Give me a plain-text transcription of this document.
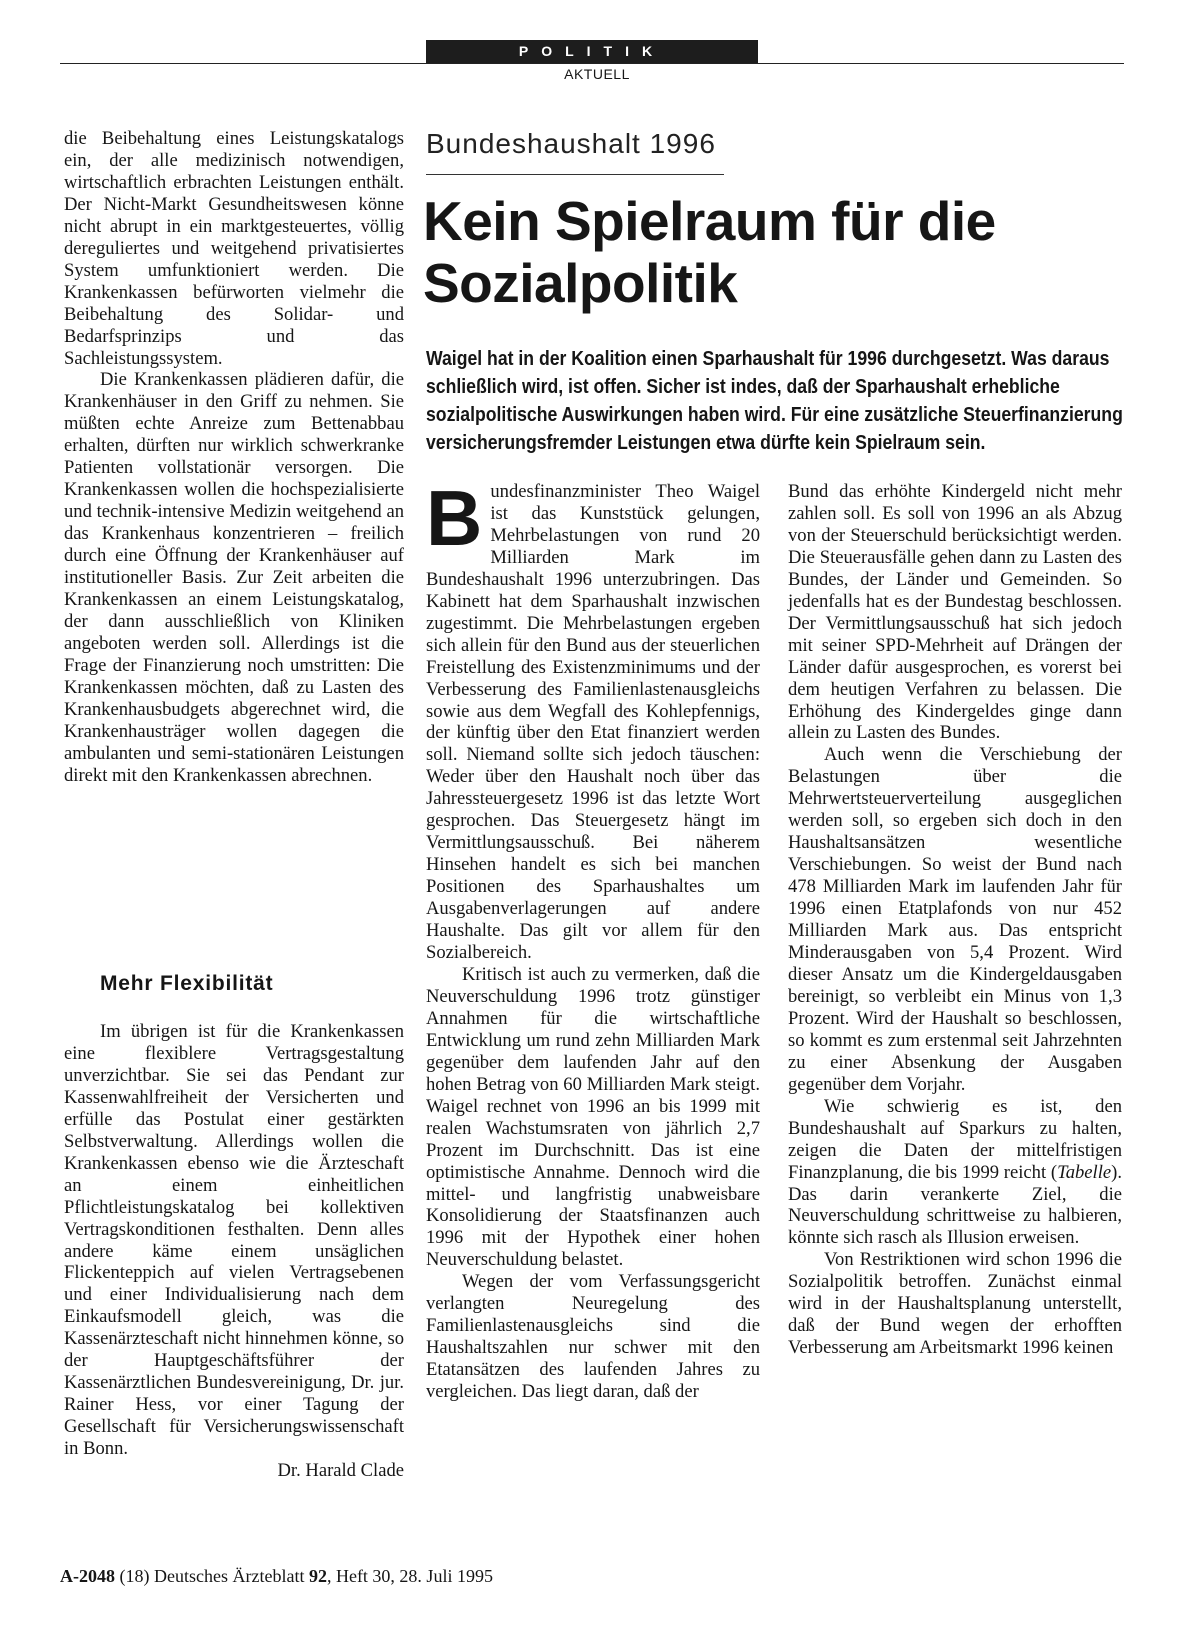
POLITIK
AKTUELL

die Beibehaltung eines Leistungskatalogs ein, der alle medizinisch notwendigen, wirtschaftlich erbrachten Leistungen enthält. Der Nicht-Markt Gesundheitswesen könne nicht abrupt in ein marktgesteuertes, völlig dereguliertes und weitgehend privatisiertes System umfunktioniert werden. Die Krankenkassen befürworten vielmehr die Beibehaltung des Solidar- und Bedarfsprinzips und das Sachleistungssystem.

Die Krankenkassen plädieren dafür, die Krankenhäuser in den Griff zu nehmen. Sie müßten echte Anreize zum Bettenabbau erhalten, dürften nur wirklich schwerkranke Patienten vollstationär versorgen. Die Krankenkassen wollen die hochspezialisierte und technik-intensive Medizin weitgehend an das Krankenhaus konzentrieren – freilich durch eine Öffnung der Krankenhäuser auf institutioneller Basis. Zur Zeit arbeiten die Krankenkassen an einem Leistungskatalog, der dann ausschließlich von Kliniken angeboten werden soll. Allerdings ist die Frage der Finanzierung noch umstritten: Die Krankenkassen möchten, daß zu Lasten des Krankenhausbudgets abgerechnet wird, die Krankenhausträger wollen dagegen die ambulanten und semi-stationären Leistungen direkt mit den Krankenkassen abrechnen.

Mehr Flexibilität

Im übrigen ist für die Krankenkassen eine flexiblere Vertragsgestaltung unverzichtbar. Sie sei das Pendant zur Kassenwahlfreiheit der Versicherten und erfülle das Postulat einer gestärkten Selbstverwaltung. Allerdings wollen die Krankenkassen ebenso wie die Ärzteschaft an einem einheitlichen Pflichtleistungskatalog bei kollektiven Vertragskonditionen festhalten. Denn alles andere käme einem unsäglichen Flickenteppich auf vielen Vertragsebenen und einer Individualisierung nach dem Einkaufsmodell gleich, was die Kassenärzteschaft nicht hinnehmen könne, so der Hauptgeschäftsführer der Kassenärztlichen Bundesvereinigung, Dr. jur. Rainer Hess, vor einer Tagung der Gesellschaft für Versicherungswissenschaft in Bonn.

Dr. Harald Clade
Bundeshaushalt 1996
Kein Spielraum für die Sozialpolitik
Waigel hat in der Koalition einen Sparhaushalt für 1996 durchgesetzt. Was daraus schließlich wird, ist offen. Sicher ist indes, daß der Sparhaushalt erhebliche sozialpolitische Auswirkungen haben wird. Für eine zusätzliche Steuerfinanzierung versicherungsfremder Leistungen etwa dürfte kein Spielraum sein.

Bundesfinanzminister Theo Waigel ist das Kunststück gelungen, Mehrbelastungen von rund 20 Milliarden Mark im Bundeshaushalt 1996 unterzubringen. Das Kabinett hat dem Sparhaushalt inzwischen zugestimmt. Die Mehrbelastungen ergeben sich allein für den Bund aus der steuerlichen Freistellung des Existenzminimums und der Verbesserung des Familienlastenausgleichs sowie aus dem Wegfall des Kohlepfennigs, der künftig über den Etat finanziert werden soll. Niemand sollte sich jedoch täuschen: Weder über den Haushalt noch über das Jahressteuergesetz 1996 ist das letzte Wort gesprochen. Das Steuergesetz hängt im Vermittlungsausschuß. Bei näherem Hinsehen handelt es sich bei manchen Positionen des Sparhaushaltes um Ausgabenverlagerungen auf andere Haushalte. Das gilt vor allem für den Sozialbereich.

Kritisch ist auch zu vermerken, daß die Neuverschuldung 1996 trotz günstiger Annahmen für die wirtschaftliche Entwicklung um rund zehn Milliarden Mark gegenüber dem laufenden Jahr auf den hohen Betrag von 60 Milliarden Mark steigt. Waigel rechnet von 1996 an bis 1999 mit realen Wachstumsraten von jährlich 2,7 Prozent im Durchschnitt. Das ist eine optimistische Annahme. Dennoch wird die mittel- und langfristig unabweisbare Konsolidierung der Staatsfinanzen auch 1996 mit der Hypothek einer hohen Neuverschuldung belastet.

Wegen der vom Verfassungsgericht verlangten Neuregelung des Familienlastenausgleichs sind die Haushaltszahlen nur schwer mit den Etatansätzen des laufenden Jahres zu vergleichen. Das liegt daran, daß der

Bund das erhöhte Kindergeld nicht mehr zahlen soll. Es soll von 1996 an als Abzug von der Steuerschuld berücksichtigt werden. Die Steuerausfälle gehen dann zu Lasten des Bundes, der Länder und Gemeinden. So jedenfalls hat es der Bundestag beschlossen. Der Vermittlungsausschuß hat sich jedoch mit seiner SPD-Mehrheit auf Drängen der Länder dafür ausgesprochen, es vorerst bei dem heutigen Verfahren zu belassen. Die Erhöhung des Kindergeldes ginge dann allein zu Lasten des Bundes.

Auch wenn die Verschiebung der Belastungen über die Mehrwertsteuerverteilung ausgeglichen werden soll, so ergeben sich doch in den Haushaltsansätzen wesentliche Verschiebungen. So weist der Bund nach 478 Milliarden Mark im laufenden Jahr für 1996 einen Etatplafonds von nur 452 Milliarden Mark aus. Das entspricht Minderausgaben von 5,4 Prozent. Wird dieser Ansatz um die Kindergeldausgaben bereinigt, so verbleibt ein Minus von 1,3 Prozent. Wird der Haushalt so beschlossen, so kommt es zum erstenmal seit Jahrzehnten zu einer Absenkung der Ausgaben gegenüber dem Vorjahr.

Wie schwierig es ist, den Bundeshaushalt auf Sparkurs zu halten, zeigen die Daten der mittelfristigen Finanzplanung, die bis 1999 reicht (Tabelle). Das darin verankerte Ziel, die Neuverschuldung schrittweise zu halbieren, könnte sich rasch als Illusion erweisen.

Von Restriktionen wird schon 1996 die Sozialpolitik betroffen. Zunächst einmal wird in der Haushaltsplanung unterstellt, daß der Bund wegen der erhofften Verbesserung am Arbeitsmarkt 1996 keinen

A-2048 (18) Deutsches Ärzteblatt 92, Heft 30, 28. Juli 1995
